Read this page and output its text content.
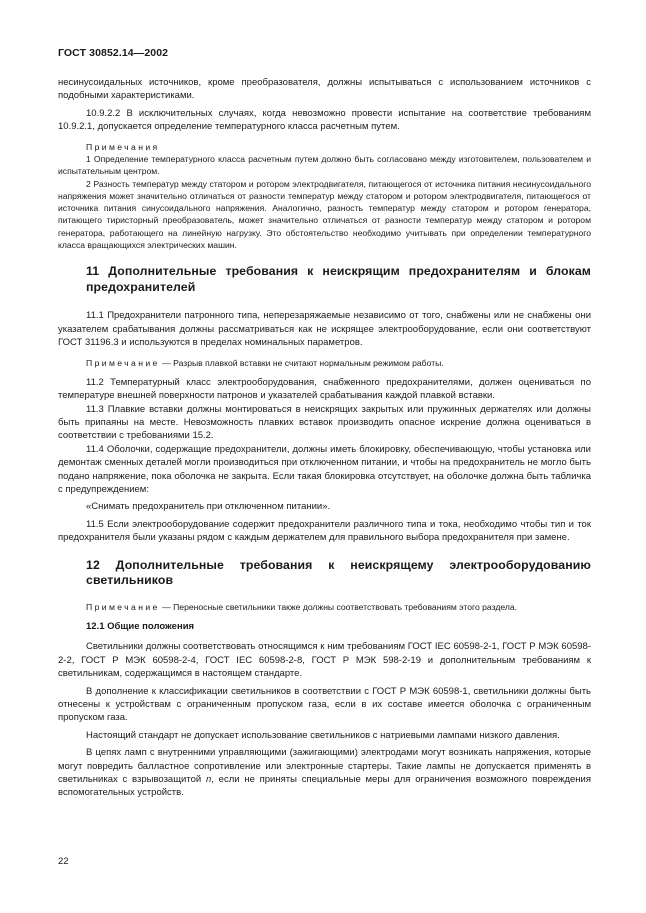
ГОСТ 30852.14—2002

несинусоидальных источников, кроме преобразователя, должны испытываться с использованием источников с подобными характеристиками.

10.9.2.2 В исключительных случаях, когда невозможно провести испытание на соответствие требованиям 10.9.2.1, допускается определение температурного класса расчетным путем.

Примечания

1 Определение температурного класса расчетным путем должно быть согласовано между изготовителем, пользователем и испытательным центром.

2 Разность температур между статором и ротором электродвигателя, питающегося от источника питания несинусоидального напряжения может значительно отличаться от разности температур между статором и ротором электродвигателя, питающегося от источника питания синусоидального напряжения. Аналогично, разность температур между статором и ротором генератора, питающего тиристорный преобразователь, может значительно отличаться от разности температур между статором и ротором генератора, работающего на линейную нагрузку. Это обстоятельство необходимо учитывать при определении температурного класса вращающихся электрических машин.

11 Дополнительные требования к неискрящим предохранителям и блокам предохранителей

11.1 Предохранители патронного типа, неперезаряжаемые независимо от того, снабжены или не снабжены они указателем срабатывания должны рассматриваться как не искрящее электрооборудование, если они соответствуют ГОСТ 31196.3 и используются в пределах номинальных параметров.

Примечание — Разрыв плавкой вставки не считают нормальным режимом работы.

11.2 Температурный класс электрооборудования, снабженного предохранителями, должен оцениваться по температуре внешней поверхности патронов и указателей срабатывания каждой плавкой вставки.

11.3 Плавкие вставки должны монтироваться в неискрящих закрытых или пружинных держателях или должны быть припаяны на месте. Невозможность плавких вставок производить опасное искрение должна оцениваться в соответствии с требованиями 15.2.

11.4 Оболочки, содержащие предохранители, должны иметь блокировку, обеспечивающую, чтобы установка или демонтаж сменных деталей могли производиться при отключенном питании, и чтобы на предохранитель не могло быть подано напряжение, пока оболочка не закрыта. Если такая блокировка отсутствует, на оболочке должна быть табличка с предупреждением:

«Снимать предохранитель при отключенном питании».

11.5 Если электрооборудование содержит предохранители различного типа и тока, необходимо чтобы тип и ток предохранителя были указаны рядом с каждым держателем для правильного выбора предохранителя при замене.

12 Дополнительные требования к неискрящему электрооборудованию светильников

Примечание — Переносные светильники также должны соответствовать требованиям этого раздела.

12.1 Общие положения

Светильники должны соответствовать относящимся к ним требованиям ГОСТ IEC 60598-2-1, ГОСТ Р МЭК 60598-2-2, ГОСТ Р МЭК 60598-2-4, ГОСТ IEC 60598-2-8, ГОСТ Р МЭК 598-2-19 и дополнительным требованиям к светильникам, содержащимся в настоящем стандарте.

В дополнение к классификации светильников в соответствии с ГОСТ Р МЭК 60598-1, светильники должны быть отнесены к устройствам с ограниченным пропуском газа, если в их составе имеется оболочка с ограниченным пропуском газа.

Настоящий стандарт не допускает использование светильников с натриевыми лампами низкого давления.

В цепях ламп с внутренними управляющими (зажигающими) электродами могут возникать напряжения, которые могут повредить балластное сопротивление или электронные стартеры. Такие лампы не допускается применять в светильниках с взрывозащитой n, если не приняты специальные меры для ограничения возможного повреждения вспомогательных устройств.

22
